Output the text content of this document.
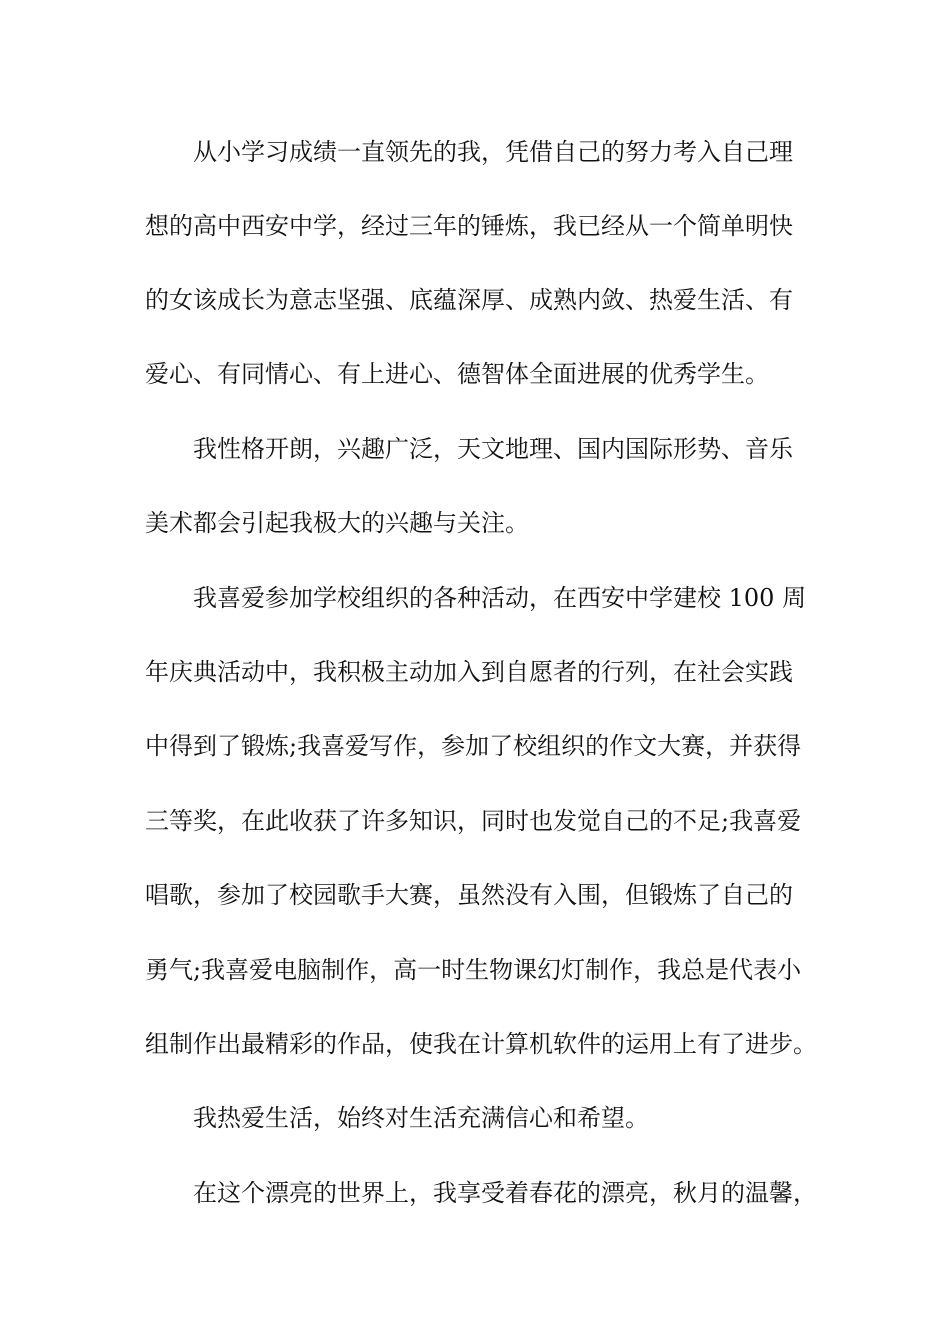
从小学习成绩一直领先的我，凭借自己的努力考入自己理
想的高中西安中学，经过三年的锤炼，我已经从一个简单明快
的女该成长为意志坚强、底蕴深厚、成熟内敛、热爱生活、有
爱心、有同情心、有上进心、德智体全面进展的优秀学生。
我性格开朗，兴趣广泛，天文地理、国内国际形势、音乐
美术都会引起我极大的兴趣与关注。
我喜爱参加学校组织的各种活动，在西安中学建校 100 周
年庆典活动中，我积极主动加入到自愿者的行列，在社会实践
中得到了锻炼;我喜爱写作，参加了校组织的作文大赛，并获得
三等奖，在此收获了许多知识，同时也发觉自己的不足;我喜爱
唱歌，参加了校园歌手大赛，虽然没有入围，但锻炼了自己的
勇气;我喜爱电脑制作，高一时生物课幻灯制作，我总是代表小
组制作出最精彩的作品，使我在计算机软件的运用上有了进步。
我热爱生活，始终对生活充满信心和希望。
在这个漂亮的世界上，我享受着春花的漂亮，秋月的温馨，
